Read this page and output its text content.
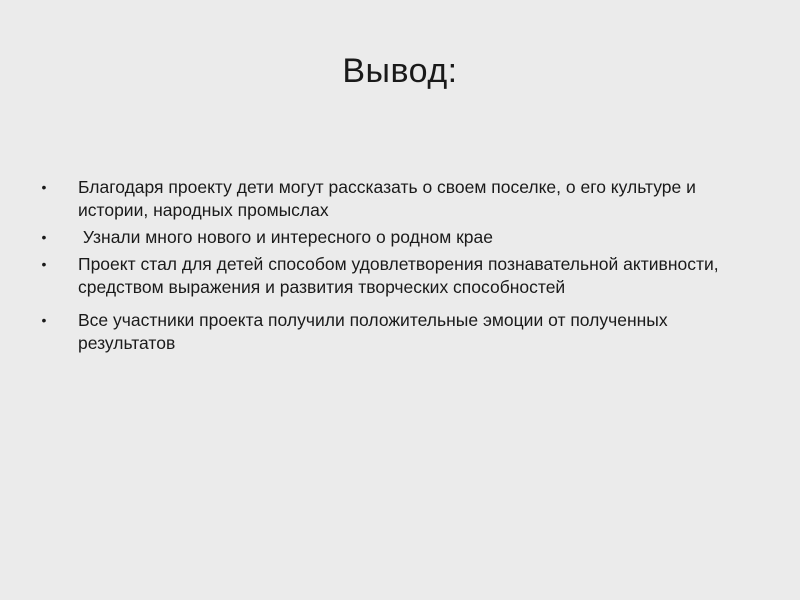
Вывод:
•	Благодаря проекту дети могут рассказать о своем поселке, о его культуре и истории, народных промыслах
•	Узнали много нового и интересного о родном крае
•	Проект стал для детей способом удовлетворения познавательной активности, средством выражения и развития творческих способностей
•	Все участники проекта получили положительные эмоции от полученных результатов
